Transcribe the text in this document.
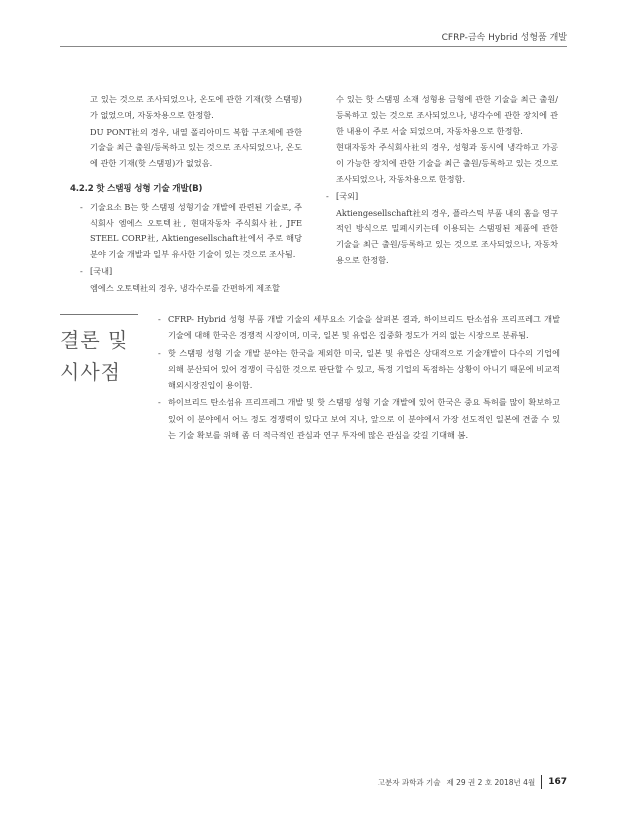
CFRP-금속 Hybrid 성형품 개발

고 있는 것으로 조사되었으나, 온도에 관한 기재(핫 스탬핑)가 없었으며, 자동차용으로 한정함.

DU PONT社의 경우, 내열 폴리아미드 복합 구조체에 관한 기술을 최근 출원/등록하고 있는 것으로 조사되었으나, 온도에 관한 기재(핫 스탬핑)가 없었음.

4.2.2 핫 스탬핑 성형 기술 개발(B)
- 기술요소 B는 핫 스탬핑 성형기술 개발에 관련된 기술로, 주식회사 엠에스 오토텍社, 현대자동차 주식회사社, JFE STEEL CORP社, Aktiengesellschaft社에서 주로 해당 분야 기술 개발과 일부 유사한 기술이 있는 것으로 조사됨.
- [국내]

엠에스 오토텍社의 경우, 냉각수로를 간편하게 제조할

수 있는 핫 스탬핑 소재 성형용 금형에 관한 기술을 최근 출원/등록하고 있는 것으로 조사되었으나, 냉각수에 관한 장치에 관한 내용이 주로 서술 되었으며, 자동차용으로 한정함.

현대자동차 주식회사社의 경우, 성형과 동시에 냉각하고 가공이 가능한 장치에 관한 기술을 최근 출원/등록하고 있는 것으로 조사되었으나, 자동차용으로 한정함.

- [국외]

Aktiengesellschaft社의 경우, 플라스틱 부품 내의 홈을 영구적인 방식으로 밀폐시키는데 이용되는 스탬핑된 제품에 관한 기술을 최근 출원/등록하고 있는 것으로 조사되었으나, 자동차용으로 한정함.

결론 및
시사점
- CFRP- Hybrid 성형 부품 개발 기술의 세부요소 기술을 살펴본 결과, 하이브리드 탄소섬유 프리프레그 개발 기술에 대해 한국은 경쟁적 시장이며, 미국, 일본 및 유럽은 집중화 정도가 거의 없는 시장으로 분류됨.
- 핫 스탬핑 성형 기술 개발 분야는 한국을 제외한 미국, 일본 및 유럽은 상대적으로 기술개발이 다수의 기업에 의해 분산되어 있어 경쟁이 극심한 것으로 판단할 수 있고, 특정 기업의 독점하는 상황이 아니기 때문에 비교적 해외시장진입이 용이함.
- 하이브리드 탄소섬유 프리프레그 개발 및 핫 스탬핑 성형 기술 개발에 있어 한국은 중요 특허를 많이 확보하고 있어 이 분야에서 어느 정도 경쟁력이 있다고 보여 지나, 앞으로 이 분야에서 가장 선도적인 일본에 견줄 수 있는 기술 확보를 위해 좀 더 적극적인 관심과 연구 투자에 많은 관심을 갖길 기대해 봄.
고분자 과학과 기술 제 29 권 2 호 2018년 4월 167
